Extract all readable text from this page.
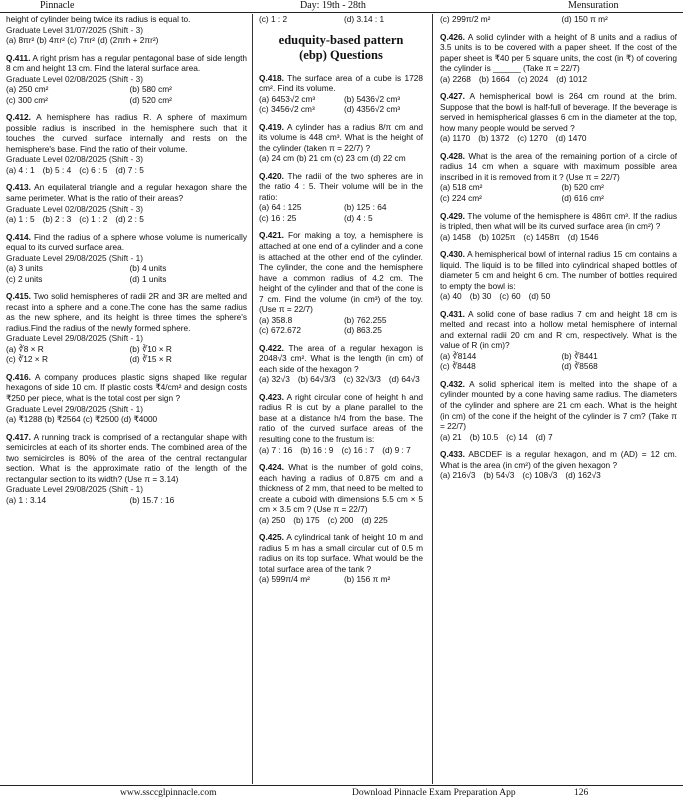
Pinnacle	Day: 19th - 28th	Mensuration

height of cylinder being twice its radius is equal to.

Graduate Level 31/07/2025 (Shift - 3)
(a) 8πr² (b) 4πr² (c) 7πr² (d) (2πrh + 2πr²)

Q.411. A right prism has a regular pentagonal base of side length 8 cm and height 13 cm. Find the lateral surface area.

Graduate Level 02/08/2025 (Shift - 3)
(a) 250 cm²	(b) 580 cm²
(c) 300 cm²	(d) 520 cm²

Q.412. A hemisphere has radius R. A sphere of maximum possible radius is inscribed in the hemisphere such that it touches the curved surface internally and rests on the hemisphere's base. Find the ratio of their volume.

Graduate Level 02/08/2025 (Shift - 3)
(a) 4 : 1 (b) 5 : 4 (c) 6 : 5 (d) 7 : 5

Q.413. An equilateral triangle and a regular hexagon share the same perimeter. What is the ratio of their areas?

Graduate Level 02/08/2025 (Shift - 3)
(a) 1 : 5 (b) 2 : 3 (c) 1 : 2 (d) 2 : 5

Q.414. Find the radius of a sphere whose volume is numerically equal to its curved surface area.

Graduate Level 29/08/2025 (Shift - 1)
(a) 3 units	(b) 4 units
(c) 2 units	(d) 1 units

Q.415. Two solid hemispheres of radii 2R and 3R are melted and recast into a sphere and a cone.The cone has the same radius as the new sphere, and its height is three times the sphere's radius.Find the radius of the newly formed sphere.

Graduate Level 29/08/2025 (Shift - 1)
(a) ∛8 × R	(b) ∛10 × R
(c) ∛12 × R	(d) ∛15 × R

Q.416. A company produces plastic signs shaped like regular hexagons of side 10 cm. If plastic costs ₹4/cm² and design costs ₹250 per piece, what is the total cost per sign ?

Graduate Level 29/08/2025 (Shift - 1)
(a) ₹1288 (b) ₹2564 (c) ₹2500 (d) ₹4000

Q.417. A running track is comprised of a rectangular shape with semicircles at each of its shorter ends. The combined area of the two semicircles is 80% of the area of the central rectangular section. What is the approximate ratio of the length of the rectangular section to its width? (Use π = 3.14)

Graduate Level 29/08/2025 (Shift - 1)
(a) 1 : 3.14	(b) 15.7 : 16
(c) 1 : 2	(d) 3.14 : 1
eduquity-based pattern
(ebp) Questions

Q.418. The surface area of a cube is 1728 cm². Find its volume.

(a) 6453√2 cm³	(b) 5436√2 cm³
(c) 3456√2 cm³	(d) 4356√2 cm³

Q.419. A cylinder has a radius 8/π cm and its volume is 448 cm³. What is the height of the cylinder (taken π = 22/7) ?

(a) 24 cm (b) 21 cm (c) 23 cm (d) 22 cm

Q.420. The radii of the two spheres are in the ratio 4 : 5. Their volume will be in the ratio:

(a) 64 : 125	(b) 125 : 64
(c) 16 : 25	(d) 4 : 5

Q.421. For making a toy, a hemisphere is attached at one end of a cylinder and a cone is attached at the other end of the cylinder. The cylinder, the cone and the hemisphere have a common radius of 4.2 cm. The height of the cylinder and that of the cone is 7 cm. Find the volume (in cm³) of the toy. (Use π = 22/7)

(a) 358.8	(b) 762.255
(c) 672.672	(d) 863.25

Q.422. The area of a regular hexagon is 2048√3 cm². What is the length (in cm) of each side of the hexagon ?

(a) 32√3 (b) 64√3/3 (c) 32√3/3 (d) 64√3

Q.423. A right circular cone of height h and radius R is cut by a plane parallel to the base at a distance h/4 from the base. The ratio of the curved surface areas of the resulting cone to the frustum is:

(a) 7 : 16 (b) 16 : 9 (c) 16 : 7 (d) 9 : 7

Q.424. What is the number of gold coins, each having a radius of 0.875 cm and a thickness of 2 mm, that need to be melted to create a cuboid with dimensions 5.5 cm × 5 cm × 3.5 cm ? (Use π = 22/7)

(a) 250 (b) 175 (c) 200 (d) 225

Q.425. A cylindrical tank of height 10 m and radius 5 m has a small circular cut of 0.5 m radius on its top surface. What would be the total surface area of the tank ?

(a) 599π/4 m²	(b) 156 π m²
(c) 299π/2 m²	(d) 150 π m²

Q.426. A solid cylinder with a height of 8 units and a radius of 3.5 units is to be covered with a paper sheet. If the cost of the paper sheet is ₹40 per 5 square units, the cost (in ₹) of covering the cylinder is ______ (Take π = 22/7)

(a) 2268 (b) 1664 (c) 2024 (d) 1012

Q.427. A hemispherical bowl is 264 cm round at the brim. Suppose that the bowl is half-full of beverage. If the beverage is served in hemispherical glasses 6 cm in the diameter at the top, how many people would be served ?

(a) 1170 (b) 1372 (c) 1270 (d) 1470

Q.428. What is the area of the remaining portion of a circle of radius 14 cm when a square with maximum possible area inscribed in it is removed from it ? (Use π = 22/7)

(a) 518 cm²	(b) 520 cm²
(c) 224 cm²	(d) 616 cm²

Q.429. The volume of the hemisphere is 486π cm³. If the radius is tripled, then what will be its curved surface area (in cm²) ?

(a) 1458 (b) 1025π (c) 1458π (d) 1546

Q.430. A hemispherical bowl of internal radius 15 cm contains a liquid. The liquid is to be filled into cylindrical shaped bottles of diameter 5 cm and height 6 cm. The number of bottles required to empty the bowl is:

(a) 40 (b) 30 (c) 60 (d) 50

Q.431. A solid cone of base radius 7 cm and height 18 cm is melted and recast into a hollow metal hemisphere of internal and external radii 20 cm and R cm, respectively. What is the value of R (in cm)?

(a) ∛8144	(b) ∛8441
(c) ∛8448	(d) ∛8568

Q.432. A solid spherical item is melted into the shape of a cylinder mounted by a cone having same radius. The diameters of the cylinder and sphere are 21 cm each. What is the height (in cm) of the cone if the height of the cylinder is 7 cm? (Take π = 22/7)

(a) 21 (b) 10.5 (c) 14 (d) 7

Q.433. ABCDEF is a regular hexagon, and m (AD) = 12 cm. What is the area (in cm²) of the given hexagon ?

(a) 216√3 (b) 54√3 (c) 108√3 (d) 162√3
www.ssccglpinnacle.com	Download Pinnacle Exam Preparation App	126
